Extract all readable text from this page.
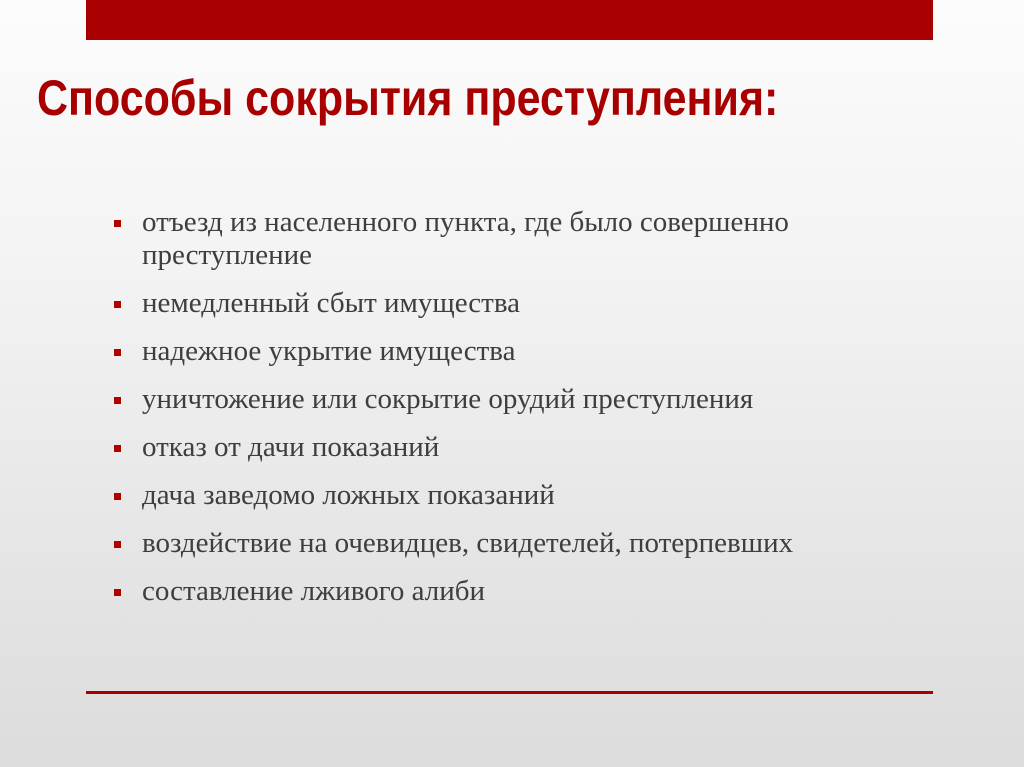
Способы сокрытия преступления:
отъезд из населенного пункта, где было совершенно преступление
немедленный сбыт имущества
надежное укрытие имущества
уничтожение или сокрытие орудий преступления
отказ от дачи показаний
дача заведомо ложных показаний
воздействие на очевидцев, свидетелей, потерпевших
составление лживого алиби
